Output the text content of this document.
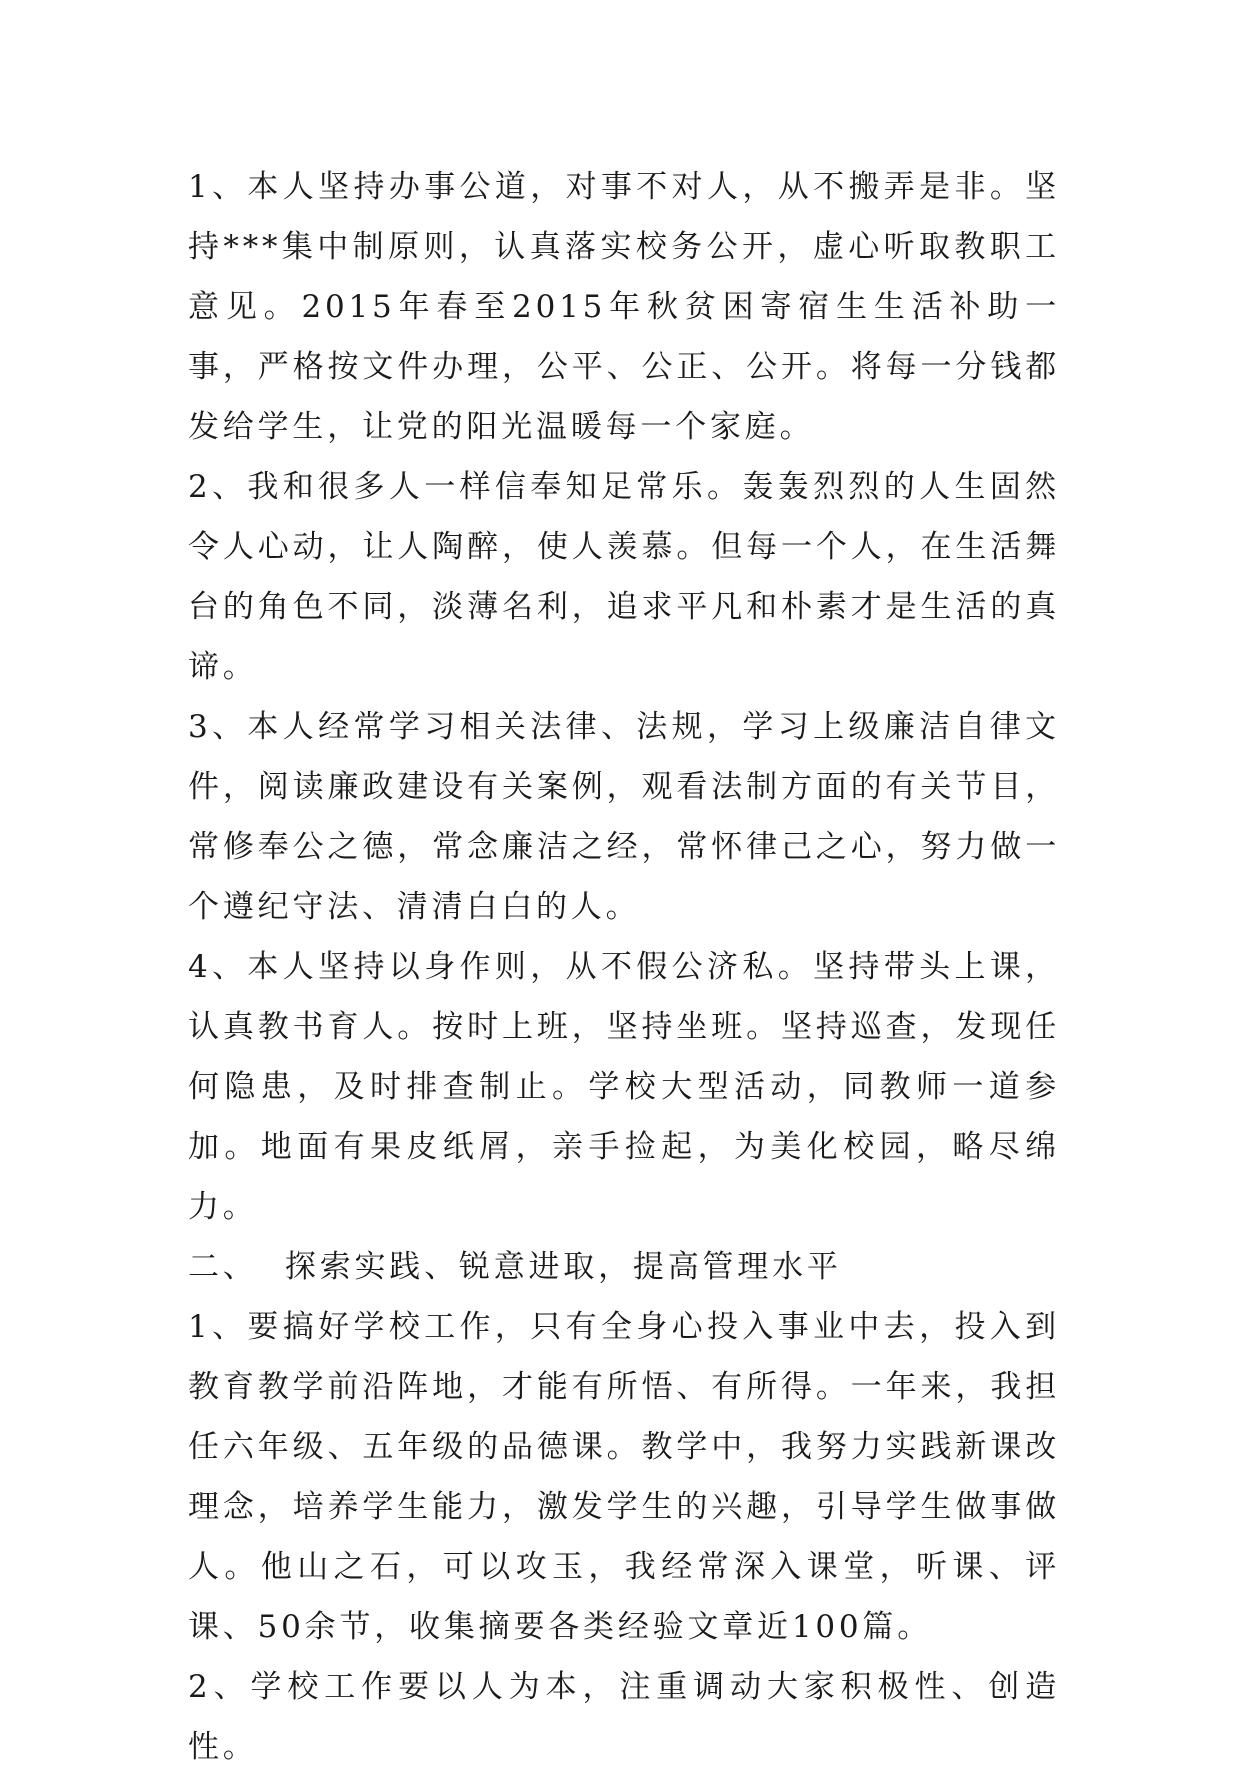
1、本人坚持办事公道，对事不对人，从不搬弄是非。坚持***集中制原则，认真落实校务公开，虚心听取教职工意见。2015年春至2015年秋贫困寄宿生生活补助一事，严格按文件办理，公平、公正、公开。将每一分钱都发给学生，让党的阳光温暖每一个家庭。

2、我和很多人一样信奉知足常乐。轰轰烈烈的人生固然令人心动，让人陶醉，使人羡慕。但每一个人，在生活舞台的角色不同，淡薄名利，追求平凡和朴素才是生活的真谛。

3、本人经常学习相关法律、法规，学习上级廉洁自律文件，阅读廉政建设有关案例，观看法制方面的有关节目，常修奉公之德，常念廉洁之经，常怀律己之心，努力做一个遵纪守法、清清白白的人。

4、本人坚持以身作则，从不假公济私。坚持带头上课，认真教书育人。按时上班，坚持坐班。坚持巡查，发现任何隐患，及时排查制止。学校大型活动，同教师一道参加。地面有果皮纸屑，亲手捡起，为美化校园，略尽绵力。

二、  探索实践、锐意进取，提高管理水平

1、要搞好学校工作，只有全身心投入事业中去，投入到教育教学前沿阵地，才能有所悟、有所得。一年来，我担任六年级、五年级的品德课。教学中，我努力实践新课改理念，培养学生能力，激发学生的兴趣，引导学生做事做人。他山之石，可以攻玉，我经常深入课堂，听课、评课、50余节，收集摘要各类经验文章近100篇。

2、学校工作要以人为本，注重调动大家积极性、创造性。
